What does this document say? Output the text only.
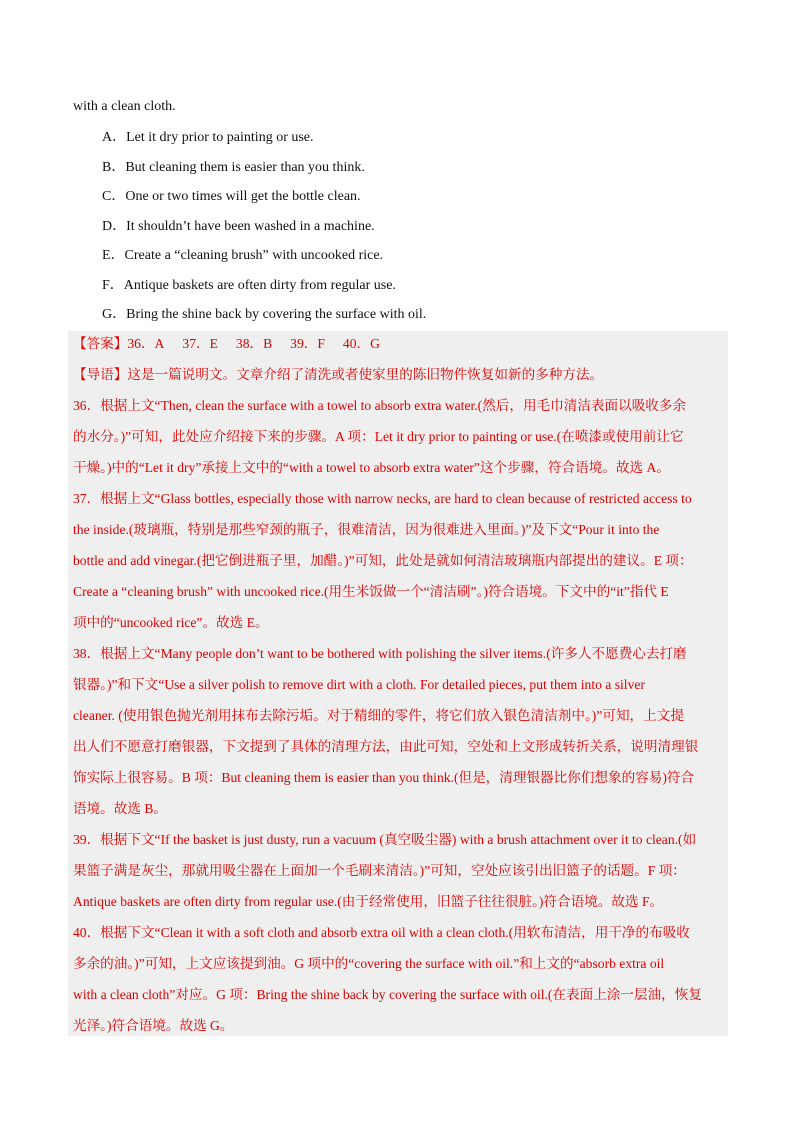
with a clean cloth.
A．Let it dry prior to painting or use.
B．But cleaning them is easier than you think.
C．One or two times will get the bottle clean.
D．It shouldn’t have been washed in a machine.
E．Create a “cleaning brush” with uncooked rice.
F．Antique baskets are often dirty from regular use.
G．Bring the shine back by covering the surface with oil.
【答案】36．A 37．E 38．B 39．F 40．G
【导语】这是一篇说明文。文章介绍了清洗或者使家里的陈旧物件恢复如新的多种方法。
36．根据上文“Then, clean the surface with a towel to absorb extra water.(然后，用毛巾清洁表面以吸收多余
的水分。)”可知，此处应介绍接下来的步骤。A 项：Let it dry prior to painting or use.(在喷漆或使用前让它
干燥。)中的“Let it dry”承接上文中的“with a towel to absorb extra water”这个步骤，符合语境。故选 A。
37．根据上文“Glass bottles, especially those with narrow necks, are hard to clean because of restricted access to
the inside.(玻璃瓶，特别是那些窄颈的瓶子，很难清洁，因为很难进入里面。)”及下文“Pour it into the
bottle and add vinegar.(把它倒进瓶子里，加醋。)”可知，此处是就如何清洁玻璃瓶内部提出的建议。E 项：
Create a “cleaning brush” with uncooked rice.(用生米饭做一个“清洁刷”。)符合语境。下文中的“it”指代 E
项中的“uncooked rice”。故选 E。
38．根据上文“Many people don’t want to be bothered with polishing the silver items.(许多人不愿费心去打磨
银器。)”和下文“Use a silver polish to remove dirt with a cloth. For detailed pieces, put them into a silver
cleaner. (使用银色抛光剂用抹布去除污垢。对于精细的零件，将它们放入银色清洁剂中。)”可知，上文提
出人们不愿意打磨银器，下文提到了具体的清理方法，由此可知，空处和上文形成转折关系，说明清理银
饰实际上很容易。B 项：But cleaning them is easier than you think.(但是，清理银器比你们想象的容易)符合
语境。故选 B。
39．根据下文“If the basket is just dusty, run a vacuum (真空吸尘器) with a brush attachment over it to clean.(如
果篮子满是灰尘，那就用吸尘器在上面加一个毛刷来清洁。)”可知，空处应该引出旧篮子的话题。F 项：
Antique baskets are often dirty from regular use.(由于经常使用，旧篮子往往很脏。)符合语境。故选 F。
40．根据下文“Clean it with a soft cloth and absorb extra oil with a clean cloth.(用软布清洁，用干净的布吸收
多余的油。)”可知，上文应该提到油。G 项中的“covering the surface with oil.”和上文的“absorb extra oil
with a clean cloth”对应。G 项：Bring the shine back by covering the surface with oil.(在表面上涂一层油，恢复
光泽。)符合语境。故选 G。
